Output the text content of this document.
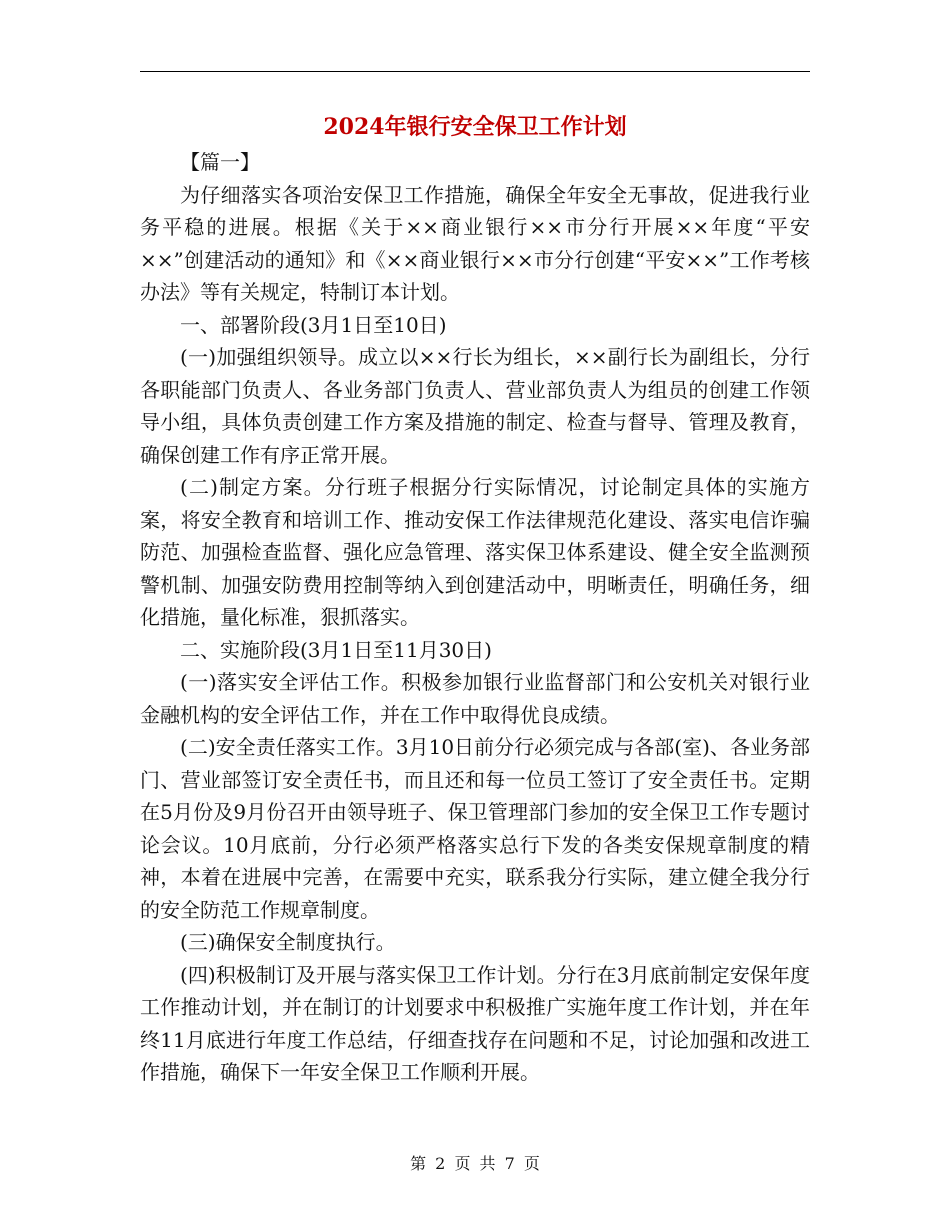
2024年银行安全保卫工作计划

【篇一】

为仔细落实各项治安保卫工作措施，确保全年安全无事故，促进我行业务平稳的进展。根据《关于××商业银行××市分行开展××年度“平安××”创建活动的通知》和《××商业银行××市分行创建“平安××”工作考核办法》等有关规定，特制订本计划。

一、部署阶段(3月1日至10日)

(一)加强组织领导。成立以××行长为组长，××副行长为副组长，分行各职能部门负责人、各业务部门负责人、营业部负责人为组员的创建工作领导小组，具体负责创建工作方案及措施的制定、检查与督导、管理及教育，确保创建工作有序正常开展。

(二)制定方案。分行班子根据分行实际情况，讨论制定具体的实施方案，将安全教育和培训工作、推动安保工作法律规范化建设、落实电信诈骗防范、加强检查监督、强化应急管理、落实保卫体系建设、健全安全监测预警机制、加强安防费用控制等纳入到创建活动中，明晰责任，明确任务，细化措施，量化标准，狠抓落实。

二、实施阶段(3月1日至11月30日)

(一)落实安全评估工作。积极参加银行业监督部门和公安机关对银行业金融机构的安全评估工作，并在工作中取得优良成绩。

(二)安全责任落实工作。3月10日前分行必须完成与各部(室)、各业务部门、营业部签订安全责任书，而且还和每一位员工签订了安全责任书。定期在5月份及9月份召开由领导班子、保卫管理部门参加的安全保卫工作专题讨论会议。10月底前，分行必须严格落实总行下发的各类安保规章制度的精神，本着在进展中完善，在需要中充实，联系我分行实际，建立健全我分行的安全防范工作规章制度。

(三)确保安全制度执行。

(四)积极制订及开展与落实保卫工作计划。分行在3月底前制定安保年度工作推动计划，并在制订的计划要求中积极推广实施年度工作计划，并在年终11月底进行年度工作总结，仔细查找存在问题和不足，讨论加强和改进工作措施，确保下一年安全保卫工作顺利开展。

第 2 页 共 7 页
